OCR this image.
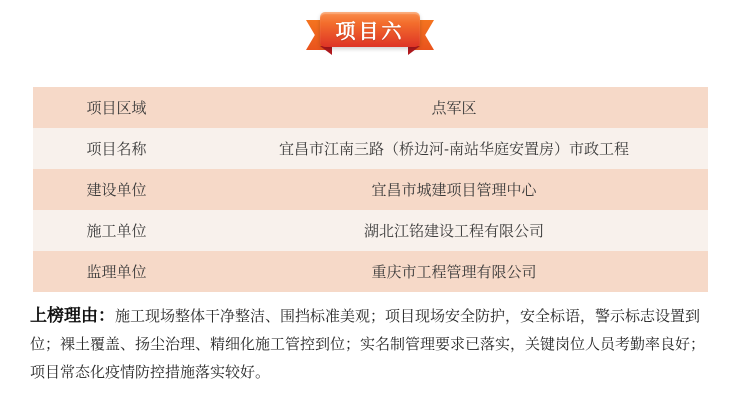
项目六
项目区域	点军区
项目名称	宜昌市江南三路（桥边河-南站华庭安置房）市政工程
建设单位	宜昌市城建项目管理中心
施工单位	湖北江铭建设工程有限公司
监理单位	重庆市工程管理有限公司

上榜理由：施工现场整体干净整洁、围挡标准美观；项目现场安全防护，安全标语，警示标志设置到位；裸土覆盖、扬尘治理、精细化施工管控到位；实名制管理要求已落实，关键岗位人员考勤率良好；项目常态化疫情防控措施落实较好。
